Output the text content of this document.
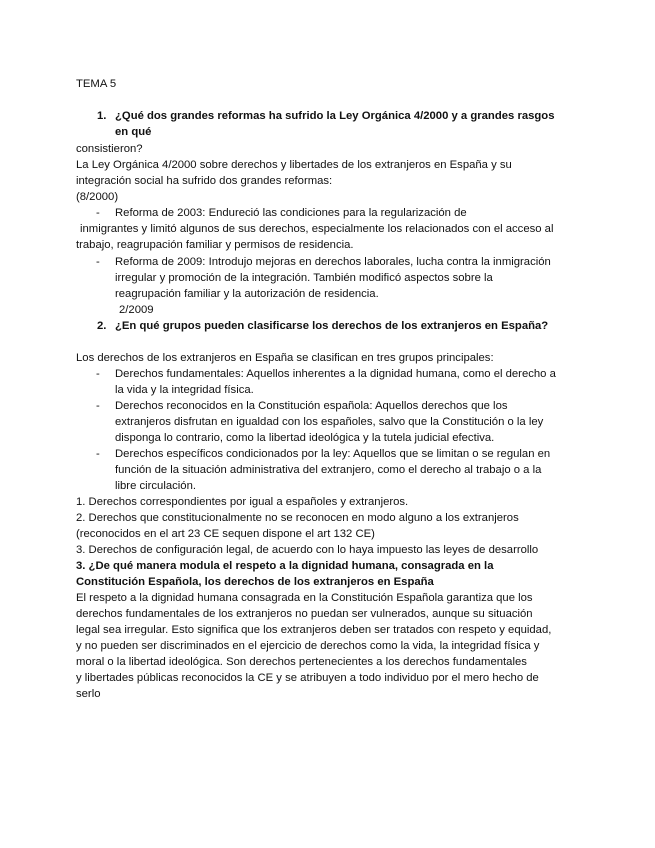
TEMA 5
1. ¿Qué dos grandes reformas ha sufrido la Ley Orgánica 4/2000 y a grandes rasgos
en qué
consistieron?
La Ley Orgánica 4/2000 sobre derechos y libertades de los extranjeros en España y su
integración social ha sufrido dos grandes reformas:
(8/2000)
- Reforma de 2003: Endureció las condiciones para la regularización de
inmigrantes y limitó algunos de sus derechos, especialmente los relacionados con el acceso al
trabajo, reagrupación familiar y permisos de residencia.
- Reforma de 2009: Introdujo mejoras en derechos laborales, lucha contra la inmigración
irregular y promoción de la integración. También modificó aspectos sobre la
reagrupación familiar y la autorización de residencia.
2/2009
2. ¿En qué grupos pueden clasificarse los derechos de los extranjeros en España?
Los derechos de los extranjeros en España se clasifican en tres grupos principales:
- Derechos fundamentales: Aquellos inherentes a la dignidad humana, como el derecho a
la vida y la integridad física.
- Derechos reconocidos en la Constitución española: Aquellos derechos que los
extranjeros disfrutan en igualdad con los españoles, salvo que la Constitución o la ley
disponga lo contrario, como la libertad ideológica y la tutela judicial efectiva.
- Derechos específicos condicionados por la ley: Aquellos que se limitan o se regulan en
función de la situación administrativa del extranjero, como el derecho al trabajo o a la
libre circulación.
1. Derechos correspondientes por igual a españoles y extranjeros.
2. Derechos que constitucionalmente no se reconocen en modo alguno a los extranjeros
(reconocidos en el art 23 CE sequen dispone el art 132 CE)
3. Derechos de configuración legal, de acuerdo con lo haya impuesto las leyes de desarrollo
3. ¿De qué manera modula el respeto a la dignidad humana, consagrada en la
Constitución Española, los derechos de los extranjeros en España
El respeto a la dignidad humana consagrada en la Constitución Española garantiza que los
derechos fundamentales de los extranjeros no puedan ser vulnerados, aunque su situación
legal sea irregular. Esto significa que los extranjeros deben ser tratados con respeto y equidad,
y no pueden ser discriminados en el ejercicio de derechos como la vida, la integridad física y
moral o la libertad ideológica. Son derechos pertenecientes a los derechos fundamentales
y libertades públicas reconocidos la CE y se atribuyen a todo individuo por el mero hecho de
serlo
